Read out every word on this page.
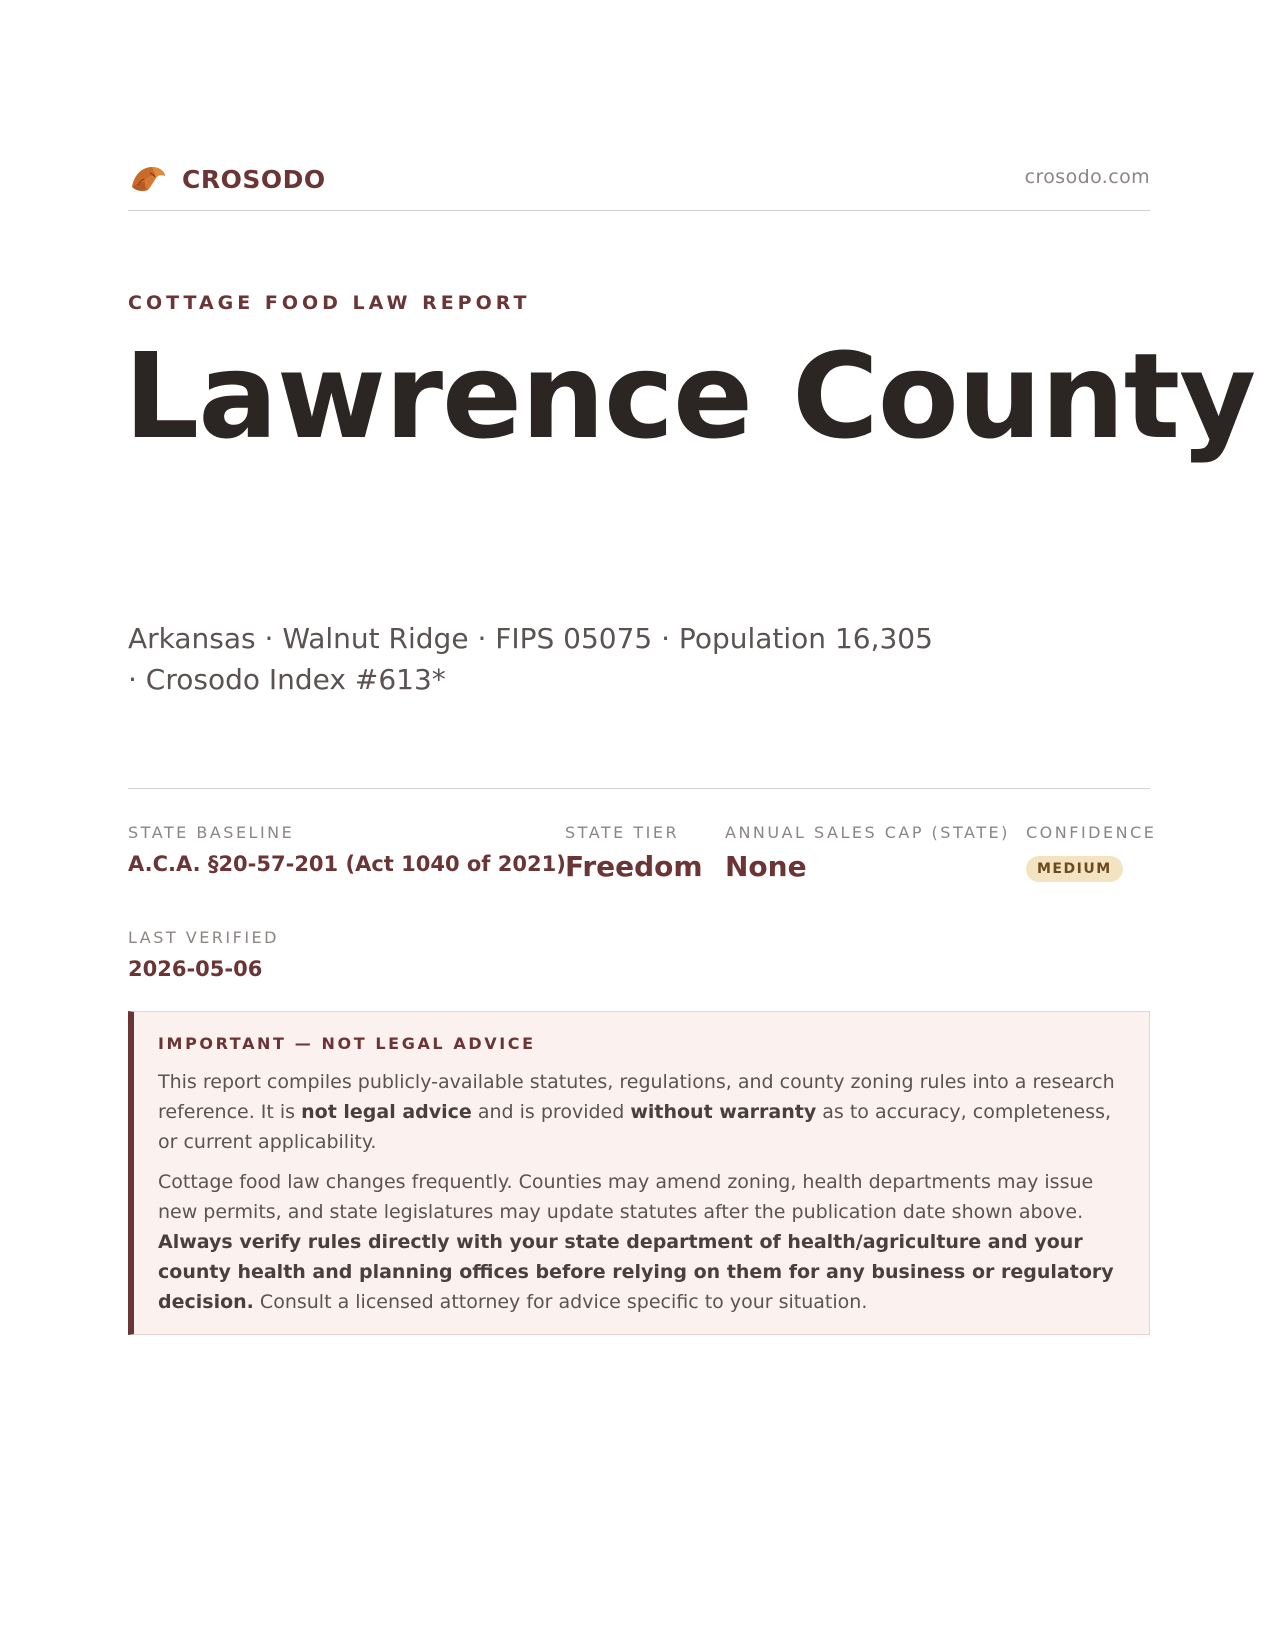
CROSODO	crosodo.com
COTTAGE FOOD LAW REPORT
Lawrence County
Arkansas · Walnut Ridge · FIPS 05075 · Population 16,305 · Crosodo Index #613*
STATE BASELINE
A.C.A. §20-57-201 (Act 1040 of 2021)
STATE TIER
Freedom
ANNUAL SALES CAP (STATE)
None
CONFIDENCE
MEDIUM
LAST VERIFIED
2026-05-06
IMPORTANT — NOT LEGAL ADVICE

This report compiles publicly-available statutes, regulations, and county zoning rules into a research reference. It is not legal advice and is provided without warranty as to accuracy, completeness, or current applicability.

Cottage food law changes frequently. Counties may amend zoning, health departments may issue new permits, and state legislatures may update statutes after the publication date shown above. Always verify rules directly with your state department of health/agriculture and your county health and planning offices before relying on them for any business or regulatory decision. Consult a licensed attorney for advice specific to your situation.
